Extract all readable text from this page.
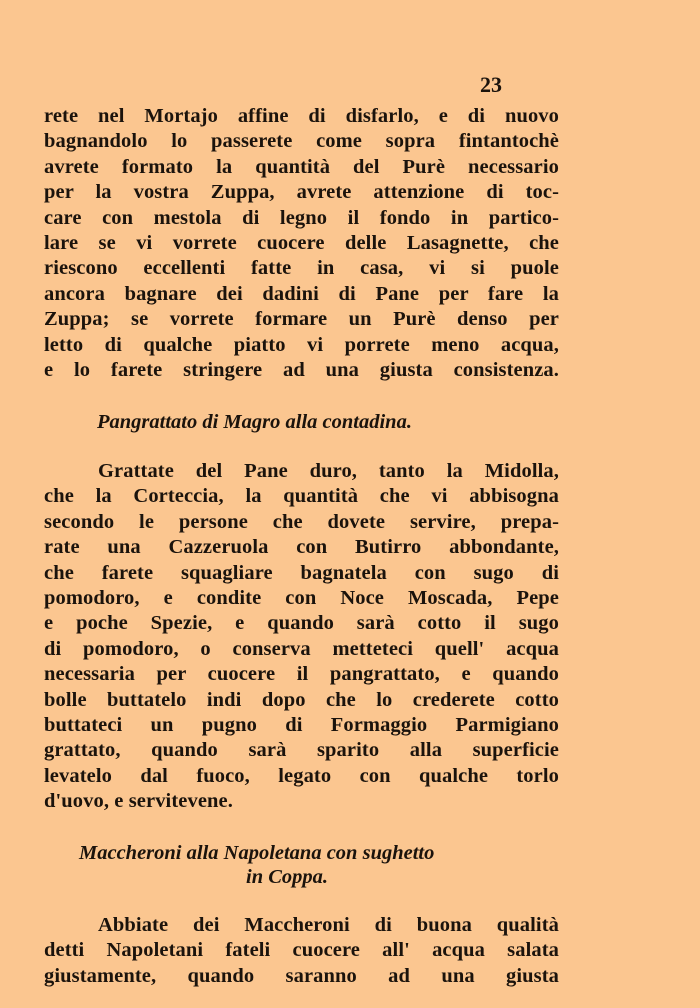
23
rete nel Mortajo affine di disfarlo, e di nuovo
bagnandolo lo passerete come sopra fintantochè
avrete formato la quantità del Purè necessario
per la vostra Zuppa, avrete attenzione di toc-
care con mestola di legno il fondo in partico-
lare se vi vorrete cuocere delle Lasagnette, che
riescono eccellenti fatte in casa, vi si puole
ancora bagnare dei dadini di Pane per fare la
Zuppa; se vorrete formare un Purè denso per
letto di qualche piatto vi porrete meno acqua,
e lo farete stringere ad una giusta consistenza.
Pangrattato di Magro alla contadina.
Grattate del Pane duro, tanto la Midolla,
che la Corteccia, la quantità che vi abbisogna
secondo le persone che dovete servire, prepa-
rate una Cazzeruola con Butirro abbondante,
che farete squagliare bagnatela con sugo di
pomodoro, e condite con Noce Moscada, Pepe
e poche Spezie, e quando sarà cotto il sugo
di pomodoro, o conserva metteteci quell' acqua
necessaria per cuocere il pangrattato, e quando
bolle buttatelo indi dopo che lo crederete cotto
buttateci un pugno di Formaggio Parmigiano
grattato, quando sarà sparito alla superficie
levatelo dal fuoco, legato con qualche torlo
d'uovo, e servitevene.
Maccheroni alla Napoletana con sughetto
in Coppa.
Abbiate dei Maccheroni di buona qualità
detti Napoletani fateli cuocere all' acqua salata
giustamente, quando saranno ad una giusta
